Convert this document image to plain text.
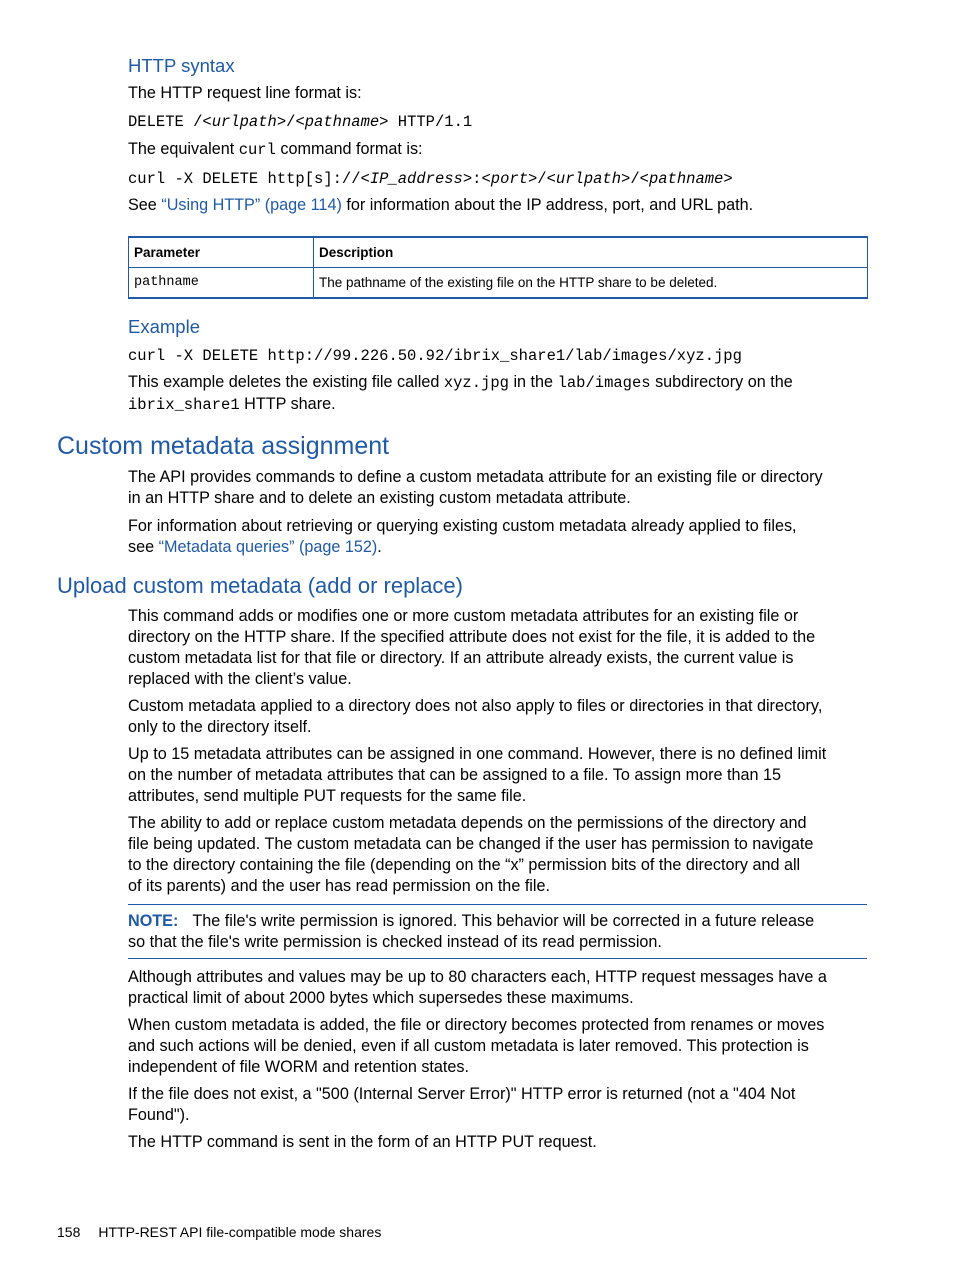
HTTP syntax

The HTTP request line format is:

DELETE /<urlpath>/<pathname> HTTP/1.1

The equivalent curl command format is:

curl -X DELETE http[s]://<IP_address>:<port>/<urlpath>/<pathname>

See “Using HTTP” (page 114) for information about the IP address, port, and URL path.

Parameter	Description
pathname	The pathname of the existing file on the HTTP share to be deleted.

Example

curl -X DELETE http://99.226.50.92/ibrix_share1/lab/images/xyz.jpg

This example deletes the existing file called xyz.jpg in the lab/images subdirectory on the
ibrix_share1 HTTP share.

Custom metadata assignment

The API provides commands to define a custom metadata attribute for an existing file or directory
in an HTTP share and to delete an existing custom metadata attribute.

For information about retrieving or querying existing custom metadata already applied to files,
see “Metadata queries” (page 152).

Upload custom metadata (add or replace)

This command adds or modifies one or more custom metadata attributes for an existing file or
directory on the HTTP share. If the specified attribute does not exist for the file, it is added to the
custom metadata list for that file or directory. If an attribute already exists, the current value is
replaced with the client’s value.

Custom metadata applied to a directory does not also apply to files or directories in that directory,
only to the directory itself.

Up to 15 metadata attributes can be assigned in one command. However, there is no defined limit
on the number of metadata attributes that can be assigned to a file. To assign more than 15
attributes, send multiple PUT requests for the same file.

The ability to add or replace custom metadata depends on the permissions of the directory and
file being updated. The custom metadata can be changed if the user has permission to navigate
to the directory containing the file (depending on the “x” permission bits of the directory and all
of its parents) and the user has read permission on the file.

NOTE: The file's write permission is ignored. This behavior will be corrected in a future release
so that the file's write permission is checked instead of its read permission.

Although attributes and values may be up to 80 characters each, HTTP request messages have a
practical limit of about 2000 bytes which supersedes these maximums.

When custom metadata is added, the file or directory becomes protected from renames or moves
and such actions will be denied, even if all custom metadata is later removed. This protection is
independent of file WORM and retention states.

If the file does not exist, a "500 (Internal Server Error)" HTTP error is returned (not a "404 Not
Found").

The HTTP command is sent in the form of an HTTP PUT request.

158 HTTP-REST API file-compatible mode shares
